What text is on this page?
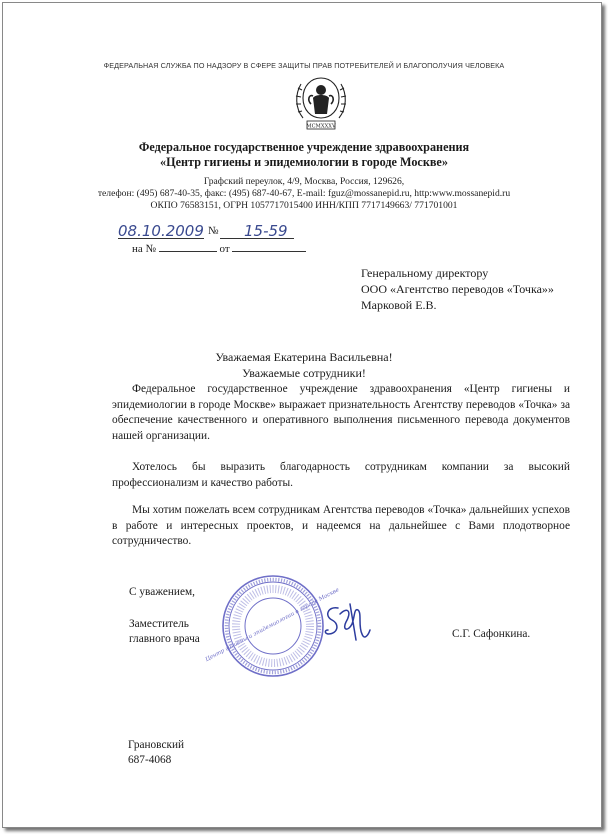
ФЕДЕРАЛЬНАЯ СЛУЖБА ПО НАДЗОРУ В СФЕРЕ ЗАЩИТЫ ПРАВ ПОТРЕБИТЕЛЕЙ И БЛАГОПОЛУЧИЯ ЧЕЛОВЕКА
MCMXXXV
Федеральное государственное учреждение здравоохранения
«Центр гигиены и эпидемиологии в городе Москве»
Графский переулок, 4/9, Москва, Россия, 129626,
телефон: (495) 687-40-35, факс: (495) 687-40-67, E-mail: fguz@mossanepid.ru, http:www.mossanepid.ru
ОКПО 76583151, ОГРН 1057717015400 ИНН/КПП 7717149663/ 771701001
08.10.2009 № 15-59
на №	от
Генеральному директору
ООО «Агентство переводов «Точка»»
Марковой Е.В.
Уважаемая Екатерина Васильевна!
Уважаемые сотрудники!
Федеральное государственное учреждение здравоохранения «Центр гигиены и эпидемиологии в городе Москве» выражает признательность Агентству переводов «Точка» за обеспечение качественного и оперативного выполнения письменного перевода документов нашей организации.
Хотелось бы выразить благодарность сотрудникам компании за высокий профессионализм и качество работы.
Мы хотим пожелать всем сотрудникам Агентства переводов «Точка» дальнейших успехов в работе и интересных проектов, и надеемся на дальнейшее с Вами плодотворное сотрудничество.
С уважением,
Заместитель
главного врача Центр гигиены и эпидемиологии в городе Москве	С.Г. Сафонкина.
Грановский
687-4068
